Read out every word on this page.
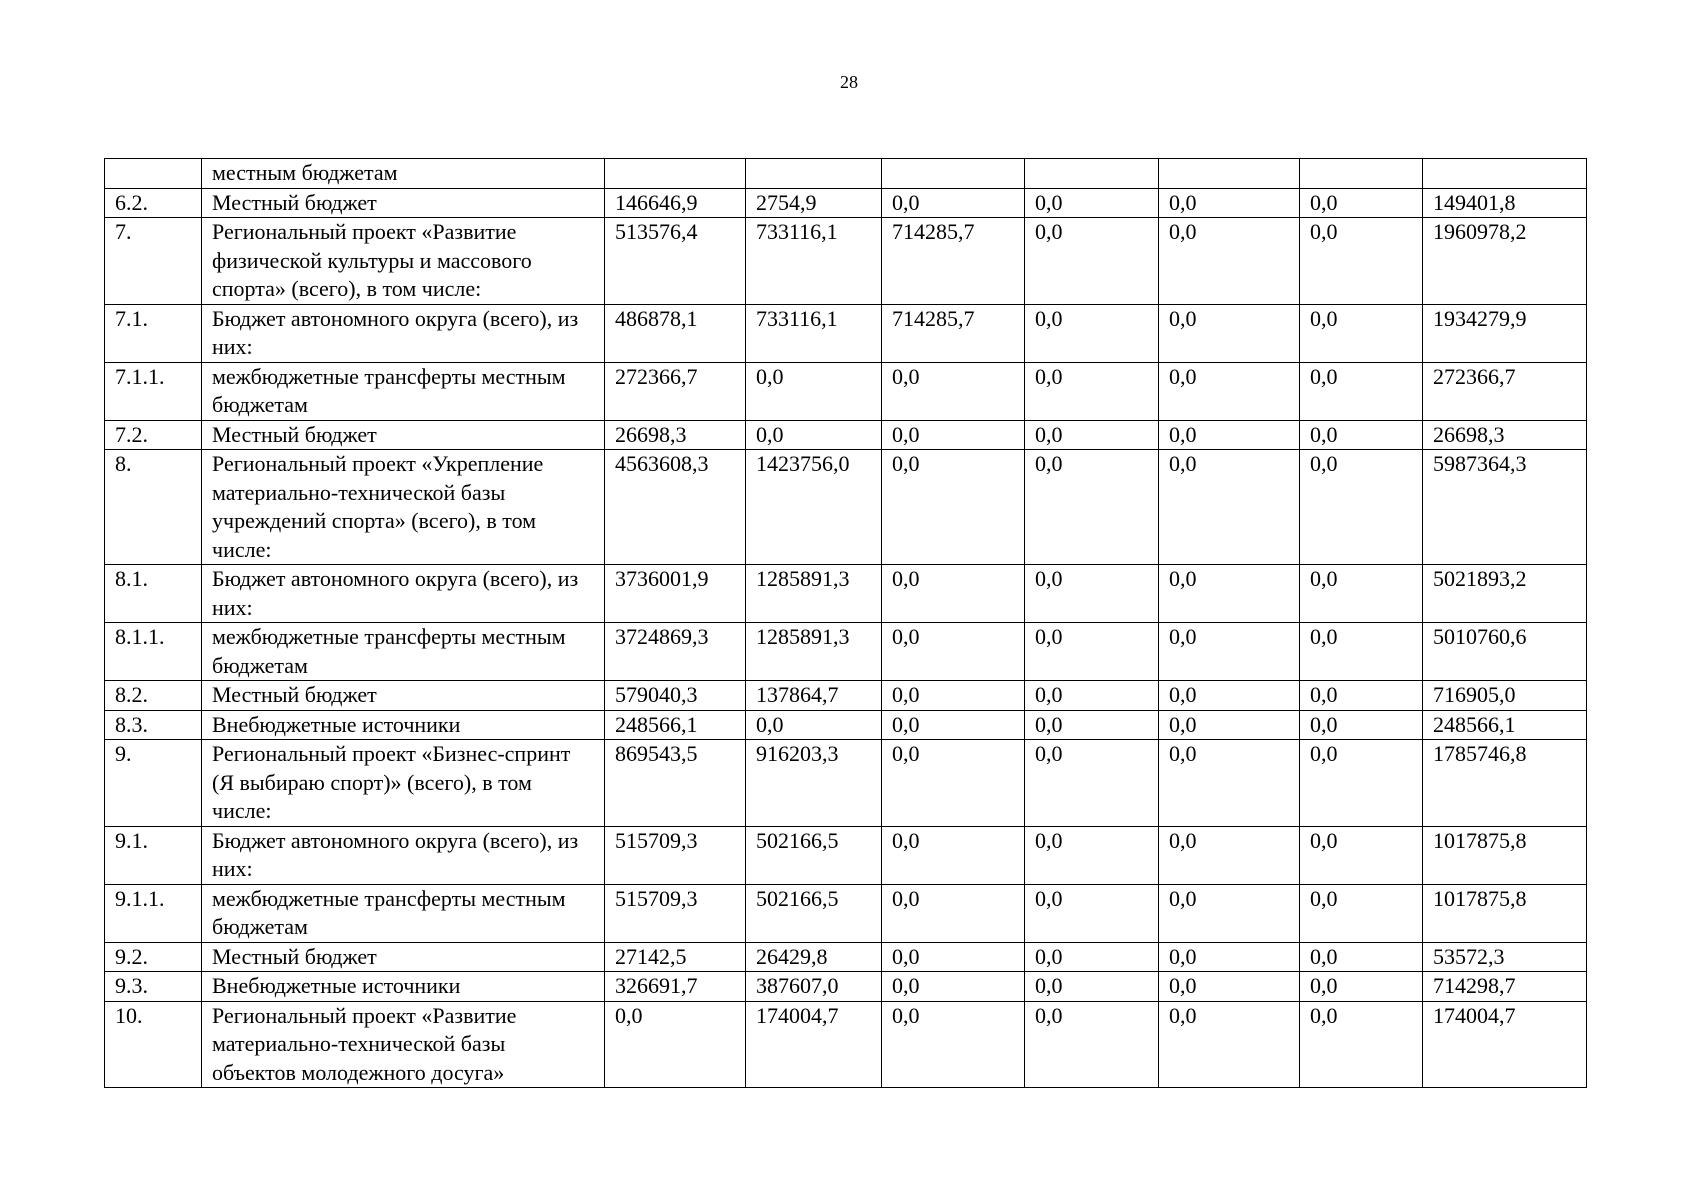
28
	местным бюджетам							
6.2.	Местный бюджет	146646,9	2754,9	0,0	0,0	0,0	0,0	149401,8
7.	Региональный проект «Развитие физической культуры и массового спорта» (всего), в том числе:	513576,4	733116,1	714285,7	0,0	0,0	0,0	1960978,2
7.1.	Бюджет автономного округа (всего), из них:	486878,1	733116,1	714285,7	0,0	0,0	0,0	1934279,9
7.1.1.	межбюджетные трансферты местным бюджетам	272366,7	0,0	0,0	0,0	0,0	0,0	272366,7
7.2.	Местный бюджет	26698,3	0,0	0,0	0,0	0,0	0,0	26698,3
8.	Региональный проект «Укрепление материально-технической базы учреждений спорта» (всего), в том числе:	4563608,3	1423756,0	0,0	0,0	0,0	0,0	5987364,3
8.1.	Бюджет автономного округа (всего), из них:	3736001,9	1285891,3	0,0	0,0	0,0	0,0	5021893,2
8.1.1.	межбюджетные трансферты местным бюджетам	3724869,3	1285891,3	0,0	0,0	0,0	0,0	5010760,6
8.2.	Местный бюджет	579040,3	137864,7	0,0	0,0	0,0	0,0	716905,0
8.3.	Внебюджетные источники	248566,1	0,0	0,0	0,0	0,0	0,0	248566,1
9.	Региональный проект «Бизнес-спринт (Я выбираю спорт)» (всего), в том числе:	869543,5	916203,3	0,0	0,0	0,0	0,0	1785746,8
9.1.	Бюджет автономного округа (всего), из них:	515709,3	502166,5	0,0	0,0	0,0	0,0	1017875,8
9.1.1.	межбюджетные трансферты местным бюджетам	515709,3	502166,5	0,0	0,0	0,0	0,0	1017875,8
9.2.	Местный бюджет	27142,5	26429,8	0,0	0,0	0,0	0,0	53572,3
9.3.	Внебюджетные источники	326691,7	387607,0	0,0	0,0	0,0	0,0	714298,7
10.	Региональный проект «Развитие материально-технической базы объектов молодежного досуга»	0,0	174004,7	0,0	0,0	0,0	0,0	174004,7
